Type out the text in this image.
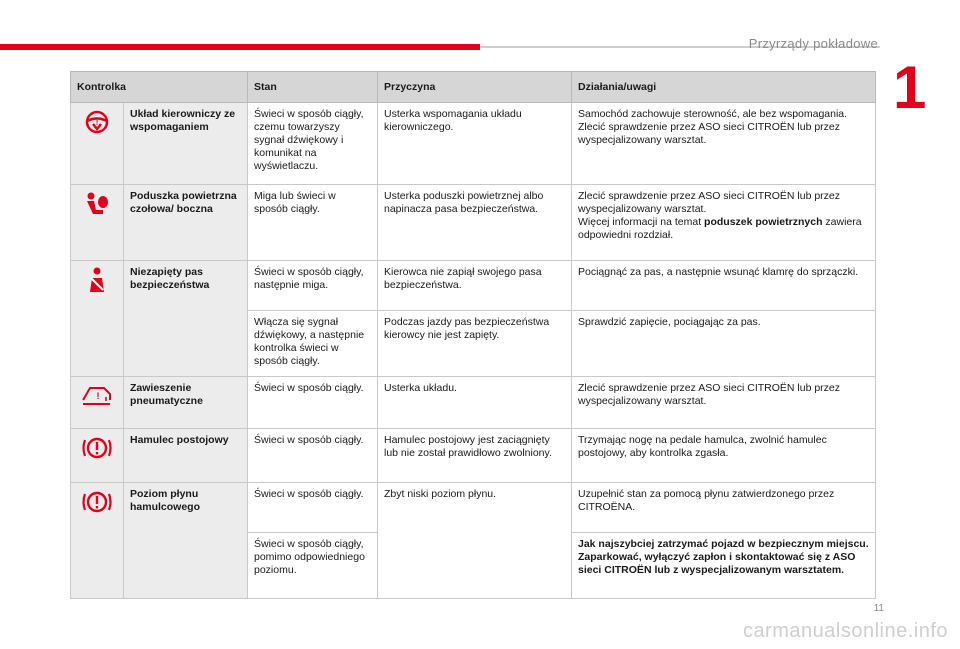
Przyrządy pokładowe
1
Kontrolka		Stan	Przyczyna	Działania/uwagi

!	Układ kierowniczy ze wspomaganiem	Świeci w sposób ciągły, czemu towarzyszy sygnał dźwiękowy i komunikat na wyświetlaczu.	Usterka wspomagania układu kierowniczego.	Samochód zachowuje sterowność, ale bez wspomagania. Zlecić sprawdzenie przez ASO sieci CITROËN lub przez wyspecjalizowany warsztat.
	Poduszka powietrzna czołowa/ boczna	Miga lub świeci w sposób ciągły.	Usterka poduszki powietrznej albo napinacza pasa bezpieczeństwa.	Zlecić sprawdzenie przez ASO sieci CITROËN lub przez wyspecjalizowany warsztat.
Więcej informacji na temat poduszek powietrznych zawiera odpowiedni rozdział.
	Niezapięty pas bezpieczeństwa	Świeci w sposób ciągły, następnie miga.	Kierowca nie zapiął swojego pasa bezpieczeństwa.	Pociągnąć za pas, a następnie wsunąć klamrę do sprzączki.
		Włącza się sygnał dźwiękowy, a następnie kontrolka świeci w sposób ciągły.	Podczas jazdy pas bezpieczeństwa kierowcy nie jest zapięty.	Sprawdzić zapięcie, pociągając za pas.

!	Zawieszenie pneumatyczne	Świeci w sposób ciągły.	Usterka układu.	Zlecić sprawdzenie przez ASO sieci CITROËN lub przez wyspecjalizowany warsztat.
	Hamulec postojowy	Świeci w sposób ciągły.	Hamulec postojowy jest zaciągnięty lub nie został prawidłowo zwolniony.	Trzymając nogę na pedale hamulca, zwolnić hamulec postojowy, aby kontrolka zgasła.
	Poziom płynu hamulcowego	Świeci w sposób ciągły.	Zbyt niski poziom płynu.	Uzupełnić stan za pomocą płynu zatwierdzonego przez CITROËNA.
		Świeci w sposób ciągły, pomimo odpowiedniego poziomu.		Jak najszybciej zatrzymać pojazd w bezpiecznym miejscu. Zaparkować, wyłączyć zapłon i skontaktować się z ASO sieci CITROËN lub z wyspecjalizowanym warsztatem.
11
carmanualsonline.info
